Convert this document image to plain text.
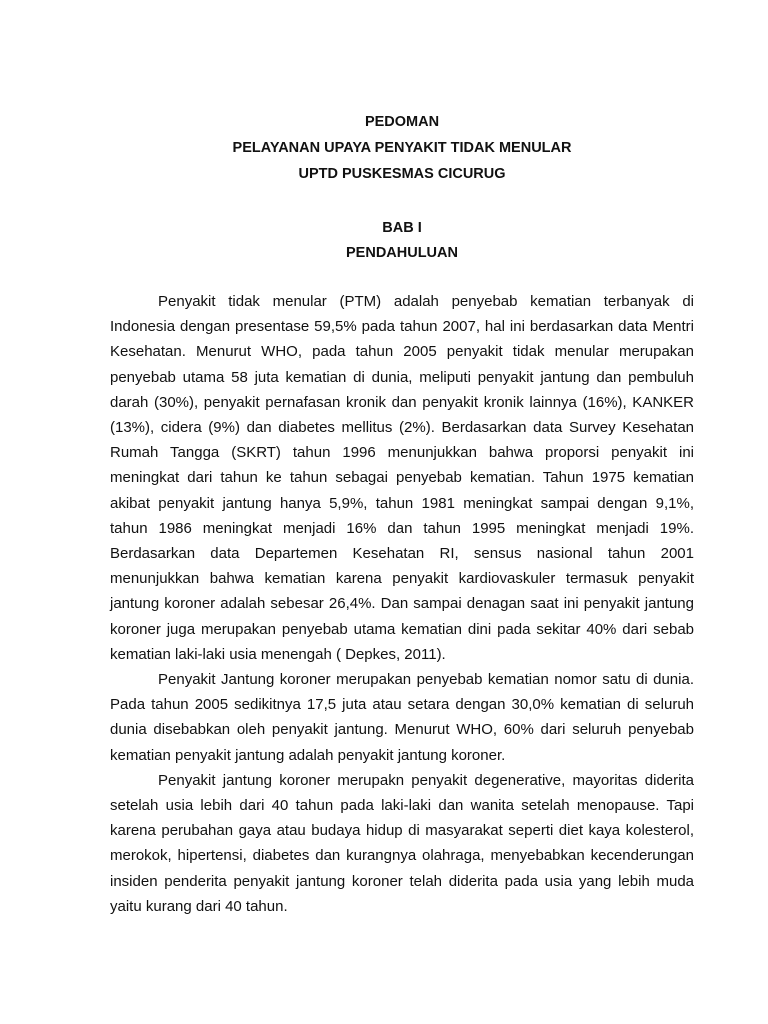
PEDOMAN
PELAYANAN UPAYA PENYAKIT TIDAK MENULAR
UPTD PUSKESMAS CICURUG
BAB I
PENDAHULUAN

Penyakit tidak menular (PTM) adalah penyebab kematian terbanyak di Indonesia dengan presentase 59,5% pada tahun 2007, hal ini berdasarkan data Mentri Kesehatan. Menurut WHO, pada tahun 2005 penyakit tidak menular merupakan penyebab utama 58 juta kematian di dunia, meliputi penyakit jantung dan pembuluh darah (30%), penyakit pernafasan kronik dan penyakit kronik lainnya (16%), KANKER (13%), cidera (9%) dan diabetes mellitus (2%). Berdasarkan data Survey Kesehatan Rumah Tangga (SKRT) tahun 1996 menunjukkan bahwa proporsi penyakit ini meningkat dari tahun ke tahun sebagai penyebab kematian. Tahun 1975 kematian akibat penyakit jantung hanya 5,9%, tahun 1981 meningkat sampai dengan 9,1%, tahun 1986 meningkat menjadi 16% dan tahun 1995 meningkat menjadi 19%. Berdasarkan data Departemen Kesehatan RI, sensus nasional tahun 2001 menunjukkan bahwa kematian karena penyakit kardiovaskuler termasuk penyakit jantung koroner adalah sebesar 26,4%. Dan sampai denagan saat ini penyakit jantung koroner juga merupakan penyebab utama kematian dini pada sekitar 40% dari sebab kematian laki-laki usia menengah ( Depkes, 2011).

Penyakit Jantung koroner merupakan penyebab kematian nomor satu di dunia. Pada tahun 2005 sedikitnya 17,5 juta atau setara dengan 30,0% kematian di seluruh dunia disebabkan oleh penyakit jantung. Menurut WHO, 60% dari seluruh penyebab kematian penyakit jantung adalah penyakit jantung koroner.

Penyakit jantung koroner merupakn penyakit degenerative, mayoritas diderita setelah usia lebih dari 40 tahun pada laki-laki dan wanita setelah menopause. Tapi karena perubahan gaya atau budaya hidup di masyarakat seperti diet kaya kolesterol, merokok, hipertensi, diabetes dan kurangnya olahraga, menyebabkan kecenderungan insiden penderita penyakit jantung koroner telah diderita pada usia yang lebih muda yaitu kurang dari 40 tahun.
